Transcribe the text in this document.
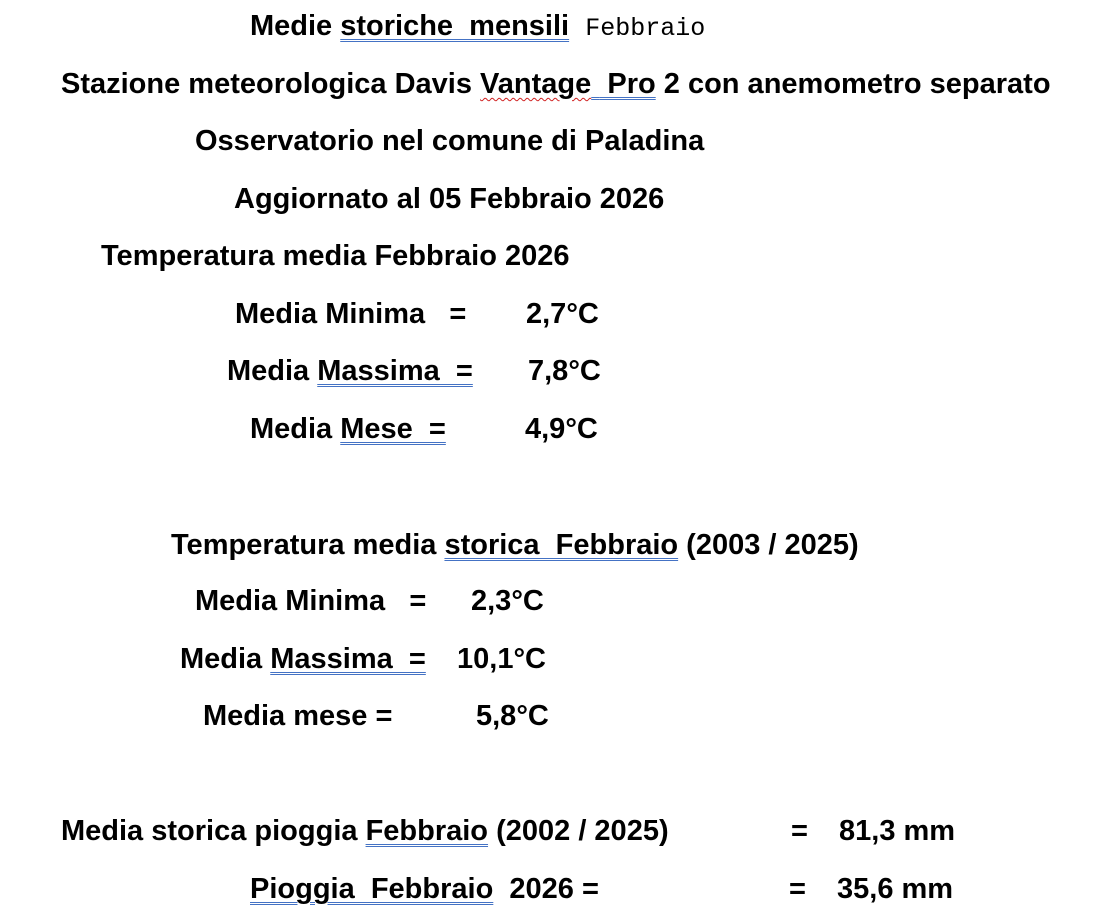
Medie storiche  mensili Febbraio
Stazione meteorologica Davis Vantage  Pro 2 con anemometro separato
Osservatorio nel comune di Paladina
Aggiornato al 05 Febbraio 2026
Temperatura media Febbraio 2026
Media Minima   = 2,7°C
Media Massima  = 7,8°C
Media Mese  =	4,9°C
Temperatura media storica  Febbraio (2003 / 2025)
Media Minima   = 2,3°C
Media Massima  = 10,1°C
Media mese =	5,8°C
Media storica pioggia Febbraio (2002 / 2025)	= 81,3 mm
Pioggia  Febbraio  2026 =	= 35,6 mm
